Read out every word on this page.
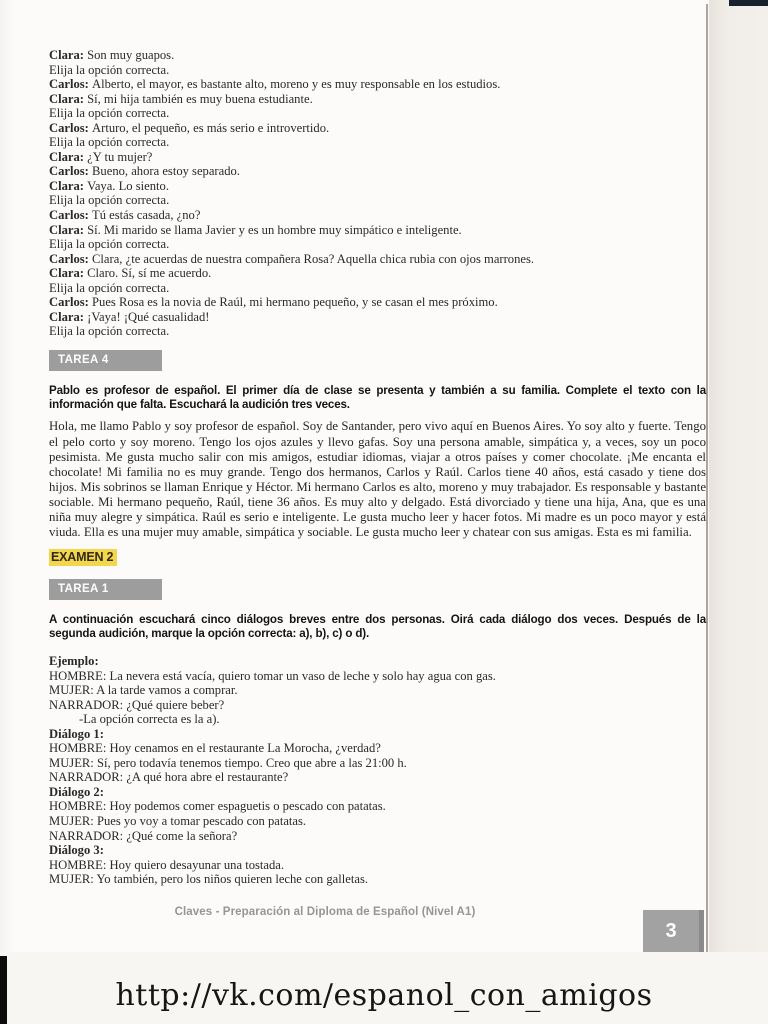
Clara: Son muy guapos.
Elija la opción correcta.
Carlos: Alberto, el mayor, es bastante alto, moreno y es muy responsable en los estudios.
Clara: Sí, mi hija también es muy buena estudiante.
Elija la opción correcta.
Carlos: Arturo, el pequeño, es más serio e introvertido.
Elija la opción correcta.
Clara: ¿Y tu mujer?
Carlos: Bueno, ahora estoy separado.
Clara: Vaya. Lo siento.
Elija la opción correcta.
Carlos: Tú estás casada, ¿no?
Clara: Sí. Mi marido se llama Javier y es un hombre muy simpático e inteligente.
Elija la opción correcta.
Carlos: Clara, ¿te acuerdas de nuestra compañera Rosa? Aquella chica rubia con ojos marrones.
Clara: Claro. Sí, sí me acuerdo.
Elija la opción correcta.
Carlos: Pues Rosa es la novia de Raúl, mi hermano pequeño, y se casan el mes próximo.
Clara: ¡Vaya! ¡Qué casualidad!
Elija la opción correcta.
TAREA 4
Pablo es profesor de español. El primer día de clase se presenta y también a su familia. Complete el texto con la información que falta. Escuchará la audición tres veces.
Hola, me llamo Pablo y soy profesor de español. Soy de Santander, pero vivo aquí en Buenos Aires. Yo soy alto y fuerte. Tengo el pelo corto y soy moreno. Tengo los ojos azules y llevo gafas. Soy una persona amable, simpática y, a veces, soy un poco pesimista. Me gusta mucho salir con mis amigos, estudiar idiomas, viajar a otros países y comer chocolate. ¡Me encanta el chocolate! Mi familia no es muy grande. Tengo dos hermanos, Carlos y Raúl. Carlos tiene 40 años, está casado y tiene dos hijos. Mis sobrinos se llaman Enrique y Héctor. Mi hermano Carlos es alto, moreno y muy trabajador. Es responsable y bastante sociable. Mi hermano pequeño, Raúl, tiene 36 años. Es muy alto y delgado. Está divorciado y tiene una hija, Ana, que es una niña muy alegre y simpática. Raúl es serio e inteligente. Le gusta mucho leer y hacer fotos. Mi madre es un poco mayor y está viuda. Ella es una mujer muy amable, simpática y sociable. Le gusta mucho leer y chatear con sus amigas. Esta es mi familia.
EXAMEN 2
TAREA 1
A continuación escuchará cinco diálogos breves entre dos personas. Oirá cada diálogo dos veces. Después de la segunda audición, marque la opción correcta: a), b), c) o d).
Ejemplo:
HOMBRE: La nevera está vacía, quiero tomar un vaso de leche y solo hay agua con gas.
MUJER: A la tarde vamos a comprar.
NARRADOR: ¿Qué quiere beber?
-La opción correcta es la a).
Diálogo 1:
HOMBRE: Hoy cenamos en el restaurante La Morocha, ¿verdad?
MUJER: Sí, pero todavía tenemos tiempo. Creo que abre a las 21:00 h.
NARRADOR: ¿A qué hora abre el restaurante?
Diálogo 2:
HOMBRE: Hoy podemos comer espaguetis o pescado con patatas.
MUJER: Pues yo voy a tomar pescado con patatas.
NARRADOR: ¿Qué come la señora?
Diálogo 3:
HOMBRE: Hoy quiero desayunar una tostada.
MUJER: Yo también, pero los niños quieren leche con galletas.
Claves - Preparación al Diploma de Español (Nivel A1)
3
http://vk.com/espanol_con_amigos
